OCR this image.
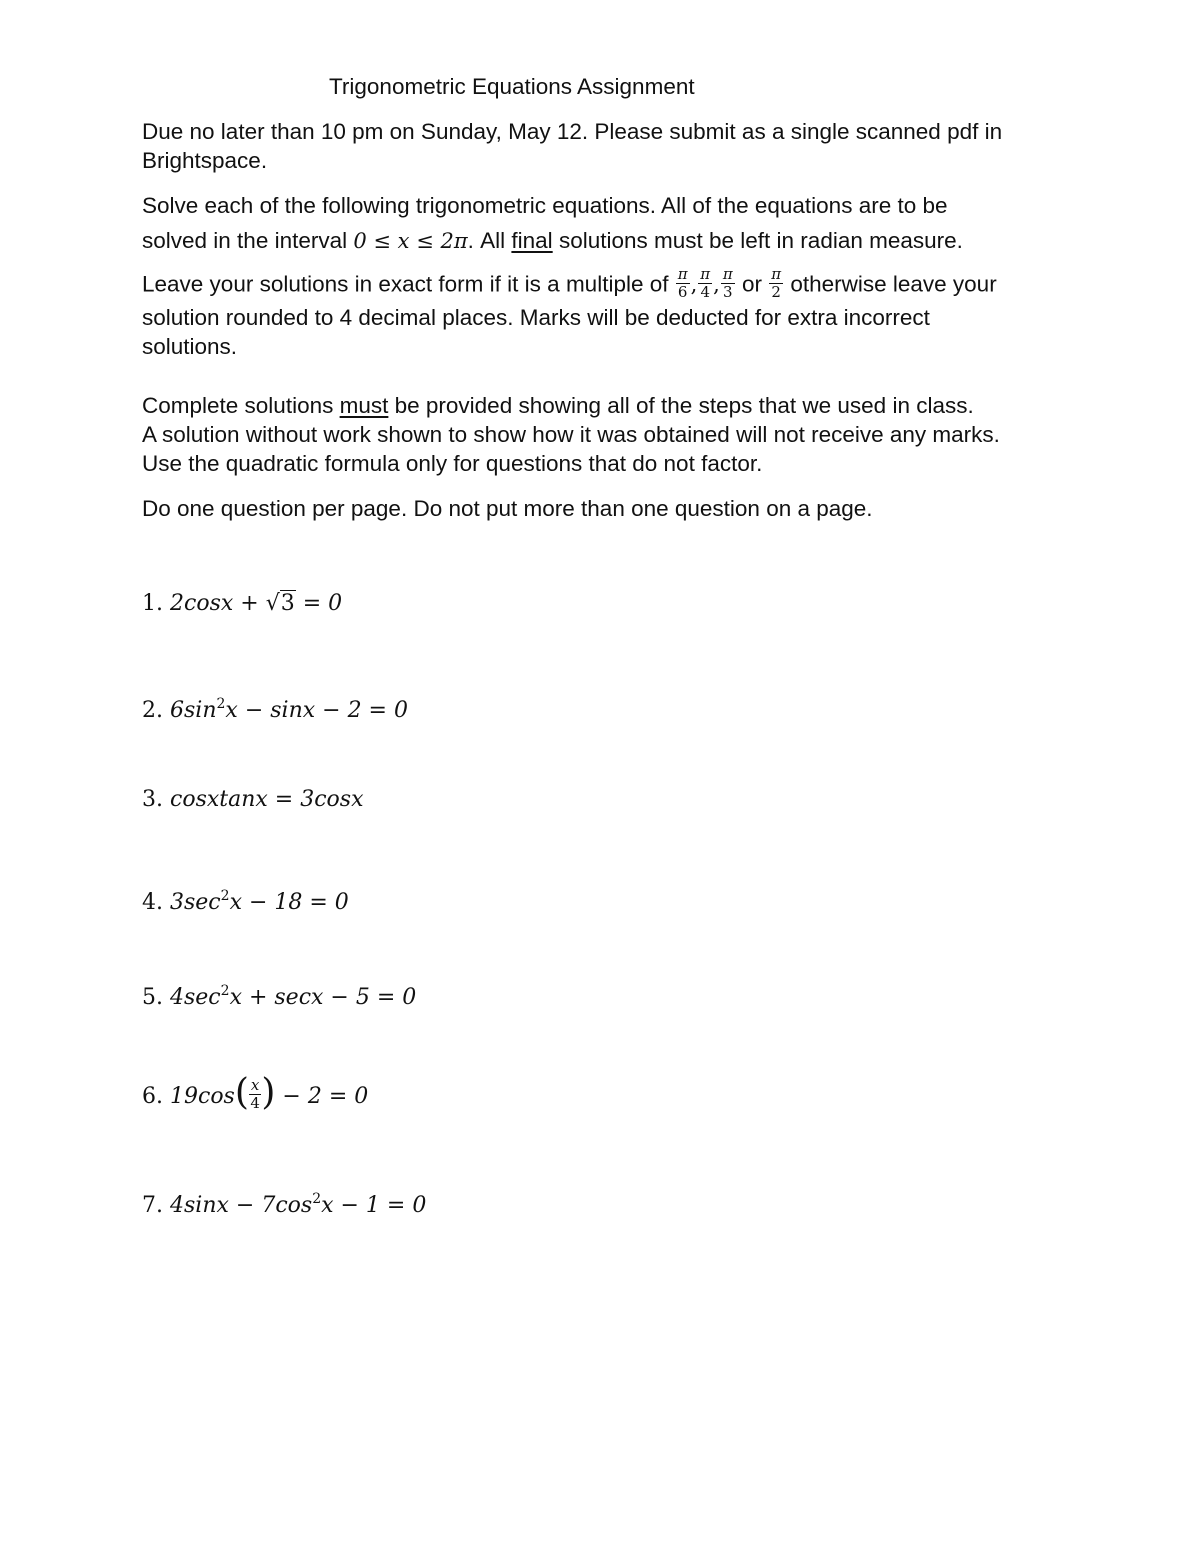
Trigonometric Equations Assignment
Due no later than 10 pm on Sunday, May 12. Please submit as a single scanned pdf in
Brightspace.
Solve each of the following trigonometric equations. All of the equations are to be
solved in the interval 0 ≤ x ≤ 2π. All final solutions must be left in radian measure.
Leave your solutions in exact form if it is a multiple of $\frac{\pi}{6}$ , $\frac{\pi}{4}$ , $\frac{\pi}{3}$ or $\frac{\pi}{2}$ otherwise leave your
solution rounded to 4 decimal places. Marks will be deducted for extra incorrect
solutions.
Complete solutions must be provided showing all of the steps that we used in class.
A solution without work shown to show how it was obtained will not receive any marks.
Use the quadratic formula only for questions that do not factor.
Do one question per page. Do not put more than one question on a page.
1. 2cosx + √3 = 0
2. $6\sin^2x - \sin x - 2 = 0$
3. cosxtanx = 3cosx
4. $3\sec^2x - 18 = 0$
5. $4\sec^2x + \sec x - 5 = 0$
6. $19\cos( \frac{x}{4}$ ) − 2 = 0
7. $4\sin x - 7\cos^2x - 1 = 0$
